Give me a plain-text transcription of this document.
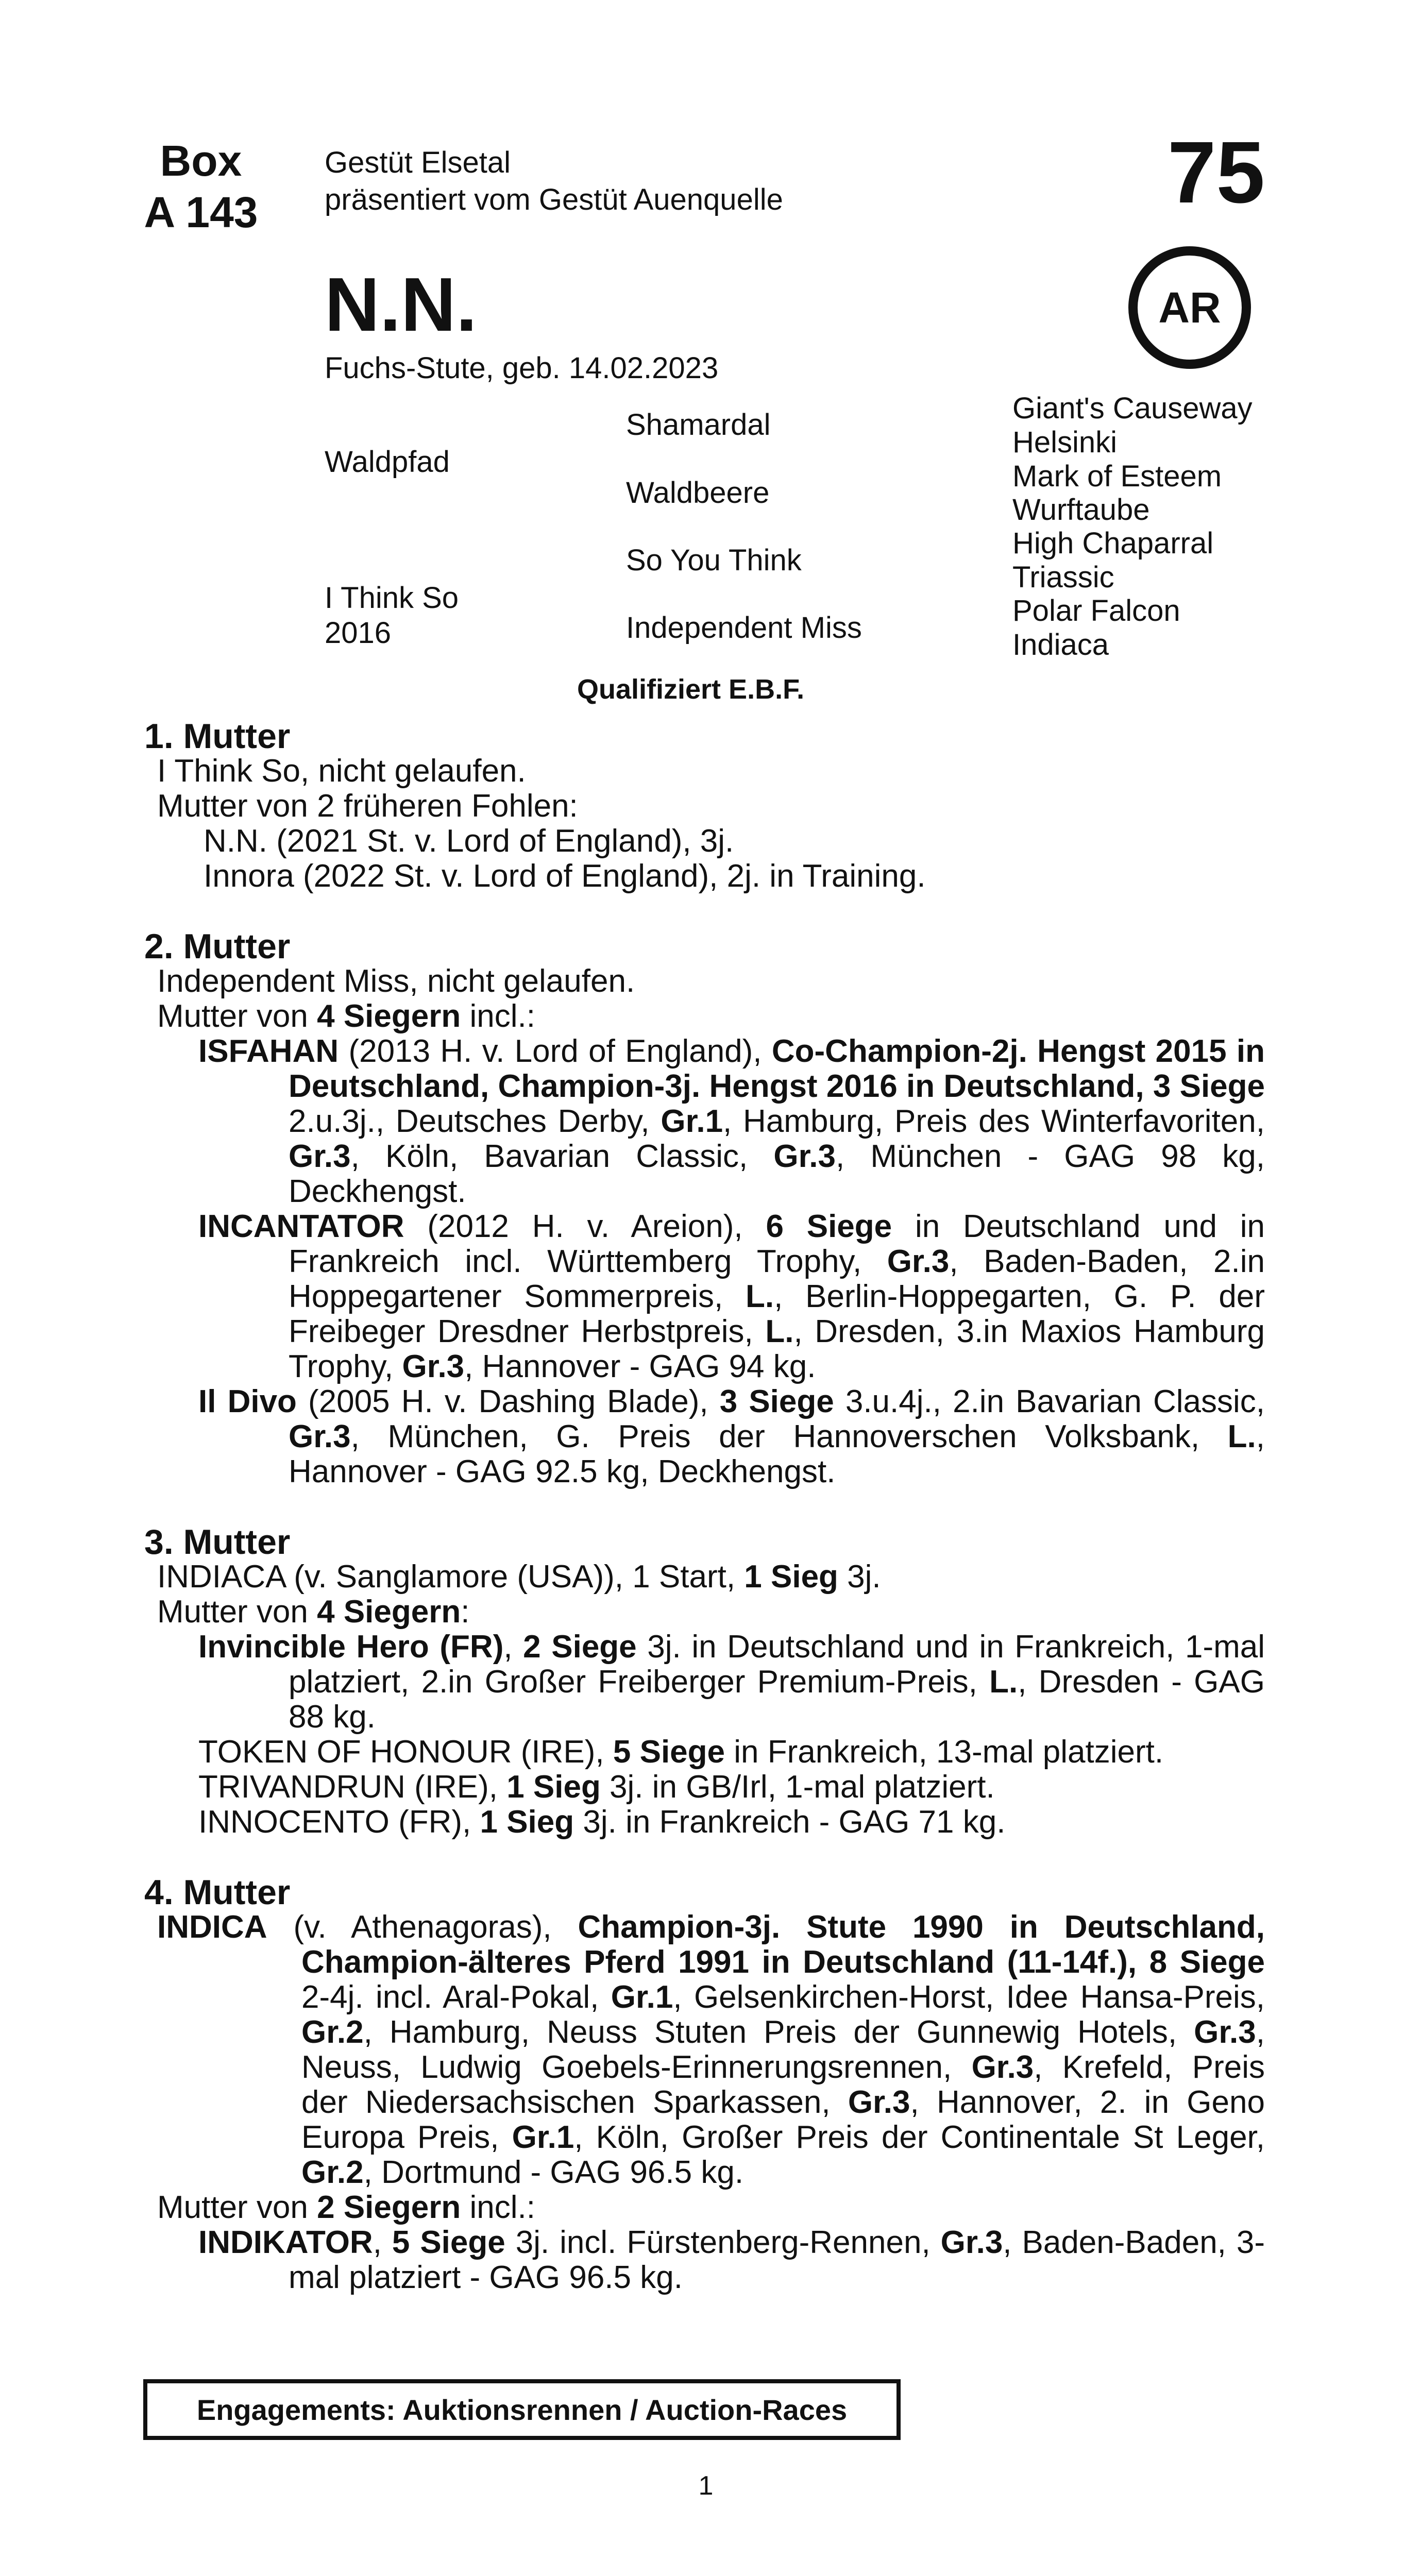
Box
A 143
Gestüt Elsetal
präsentiert vom Gestüt Auenquelle	75
AR
N.N.
Fuchs-Stute, geb. 14.02.2023
Waldpfad
I Think So
2016
Shamardal
Waldbeere
So You Think
Independent Miss
Giant's Causeway
Helsinki
Mark of Esteem
Wurftaube
High Chaparral
Triassic
Polar Falcon
Indiaca
Qualifiziert E.B.F.
1. Mutter

I Think So, nicht gelaufen.

Mutter von 2 früheren Fohlen:

N.N. (2021 St. v. Lord of England), 3j.

Innora (2022 St. v. Lord of England), 2j. in Training.

2. Mutter

Independent Miss, nicht gelaufen.

Mutter von 4 Siegern incl.:

ISFAHAN (2013 H. v. Lord of England), Co-Champion-2j. Hengst 2015 in Deutschland, Champion-3j. Hengst 2016 in Deutschland, 3 Siege 2.u.3j., Deutsches Derby, Gr.1, Hamburg, Preis des Winterfavoriten, Gr.3, Köln, Bavarian Classic, Gr.3, München - GAG 98 kg, Deckhengst.

INCANTATOR (2012 H. v. Areion), 6 Siege in Deutschland und in Frankreich incl. Württemberg Trophy, Gr.3, Baden-Baden, 2.in Hoppegartener Sommerpreis, L., Berlin-Hoppegarten, G. P. der Freibeger Dresdner Herbstpreis, L., Dresden, 3.in Maxios Hamburg Trophy, Gr.3, Hannover - GAG 94 kg.

Il Divo (2005 H. v. Dashing Blade), 3 Siege 3.u.4j., 2.in Bavarian Classic, Gr.3, München, G. Preis der Hannoverschen Volksbank, L., Hannover - GAG 92.5 kg, Deckhengst.

3. Mutter

INDIACA (v. Sanglamore (USA)), 1 Start, 1 Sieg 3j.

Mutter von 4 Siegern:

Invincible Hero (FR), 2 Siege 3j. in Deutschland und in Frankreich, 1-mal platziert, 2.in Großer Freiberger Premium-Preis, L., Dresden - GAG 88 kg.

TOKEN OF HONOUR (IRE), 5 Siege in Frankreich, 13-mal platziert.

TRIVANDRUN (IRE), 1 Sieg 3j. in GB/Irl, 1-mal platziert.

INNOCENTO (FR), 1 Sieg 3j. in Frankreich - GAG 71 kg.

4. Mutter

INDICA (v. Athenagoras), Champion-3j. Stute 1990 in Deutschland, Champion-älteres Pferd 1991 in Deutschland (11-14f.), 8 Siege 2-4j. incl. Aral-Pokal, Gr.1, Gelsenkirchen-Horst, Idee Hansa-Preis, Gr.2, Hamburg, Neuss Stuten Preis der Gunnewig Hotels, Gr.3, Neuss, Ludwig Goebels-Erinnerungsrennen, Gr.3, Krefeld, Preis der Niedersachsischen Sparkassen, Gr.3, Hannover, 2. in Geno Europa Preis, Gr.1, Köln, Großer Preis der Continentale St Leger, Gr.2, Dortmund - GAG 96.5 kg.

Mutter von 2 Siegern incl.:

INDIKATOR, 5 Siege 3j. incl. Fürstenberg-Rennen, Gr.3, Baden-Baden, 3-mal platziert - GAG 96.5 kg.

Engagements: Auktionsrennen / Auction-Races
1
